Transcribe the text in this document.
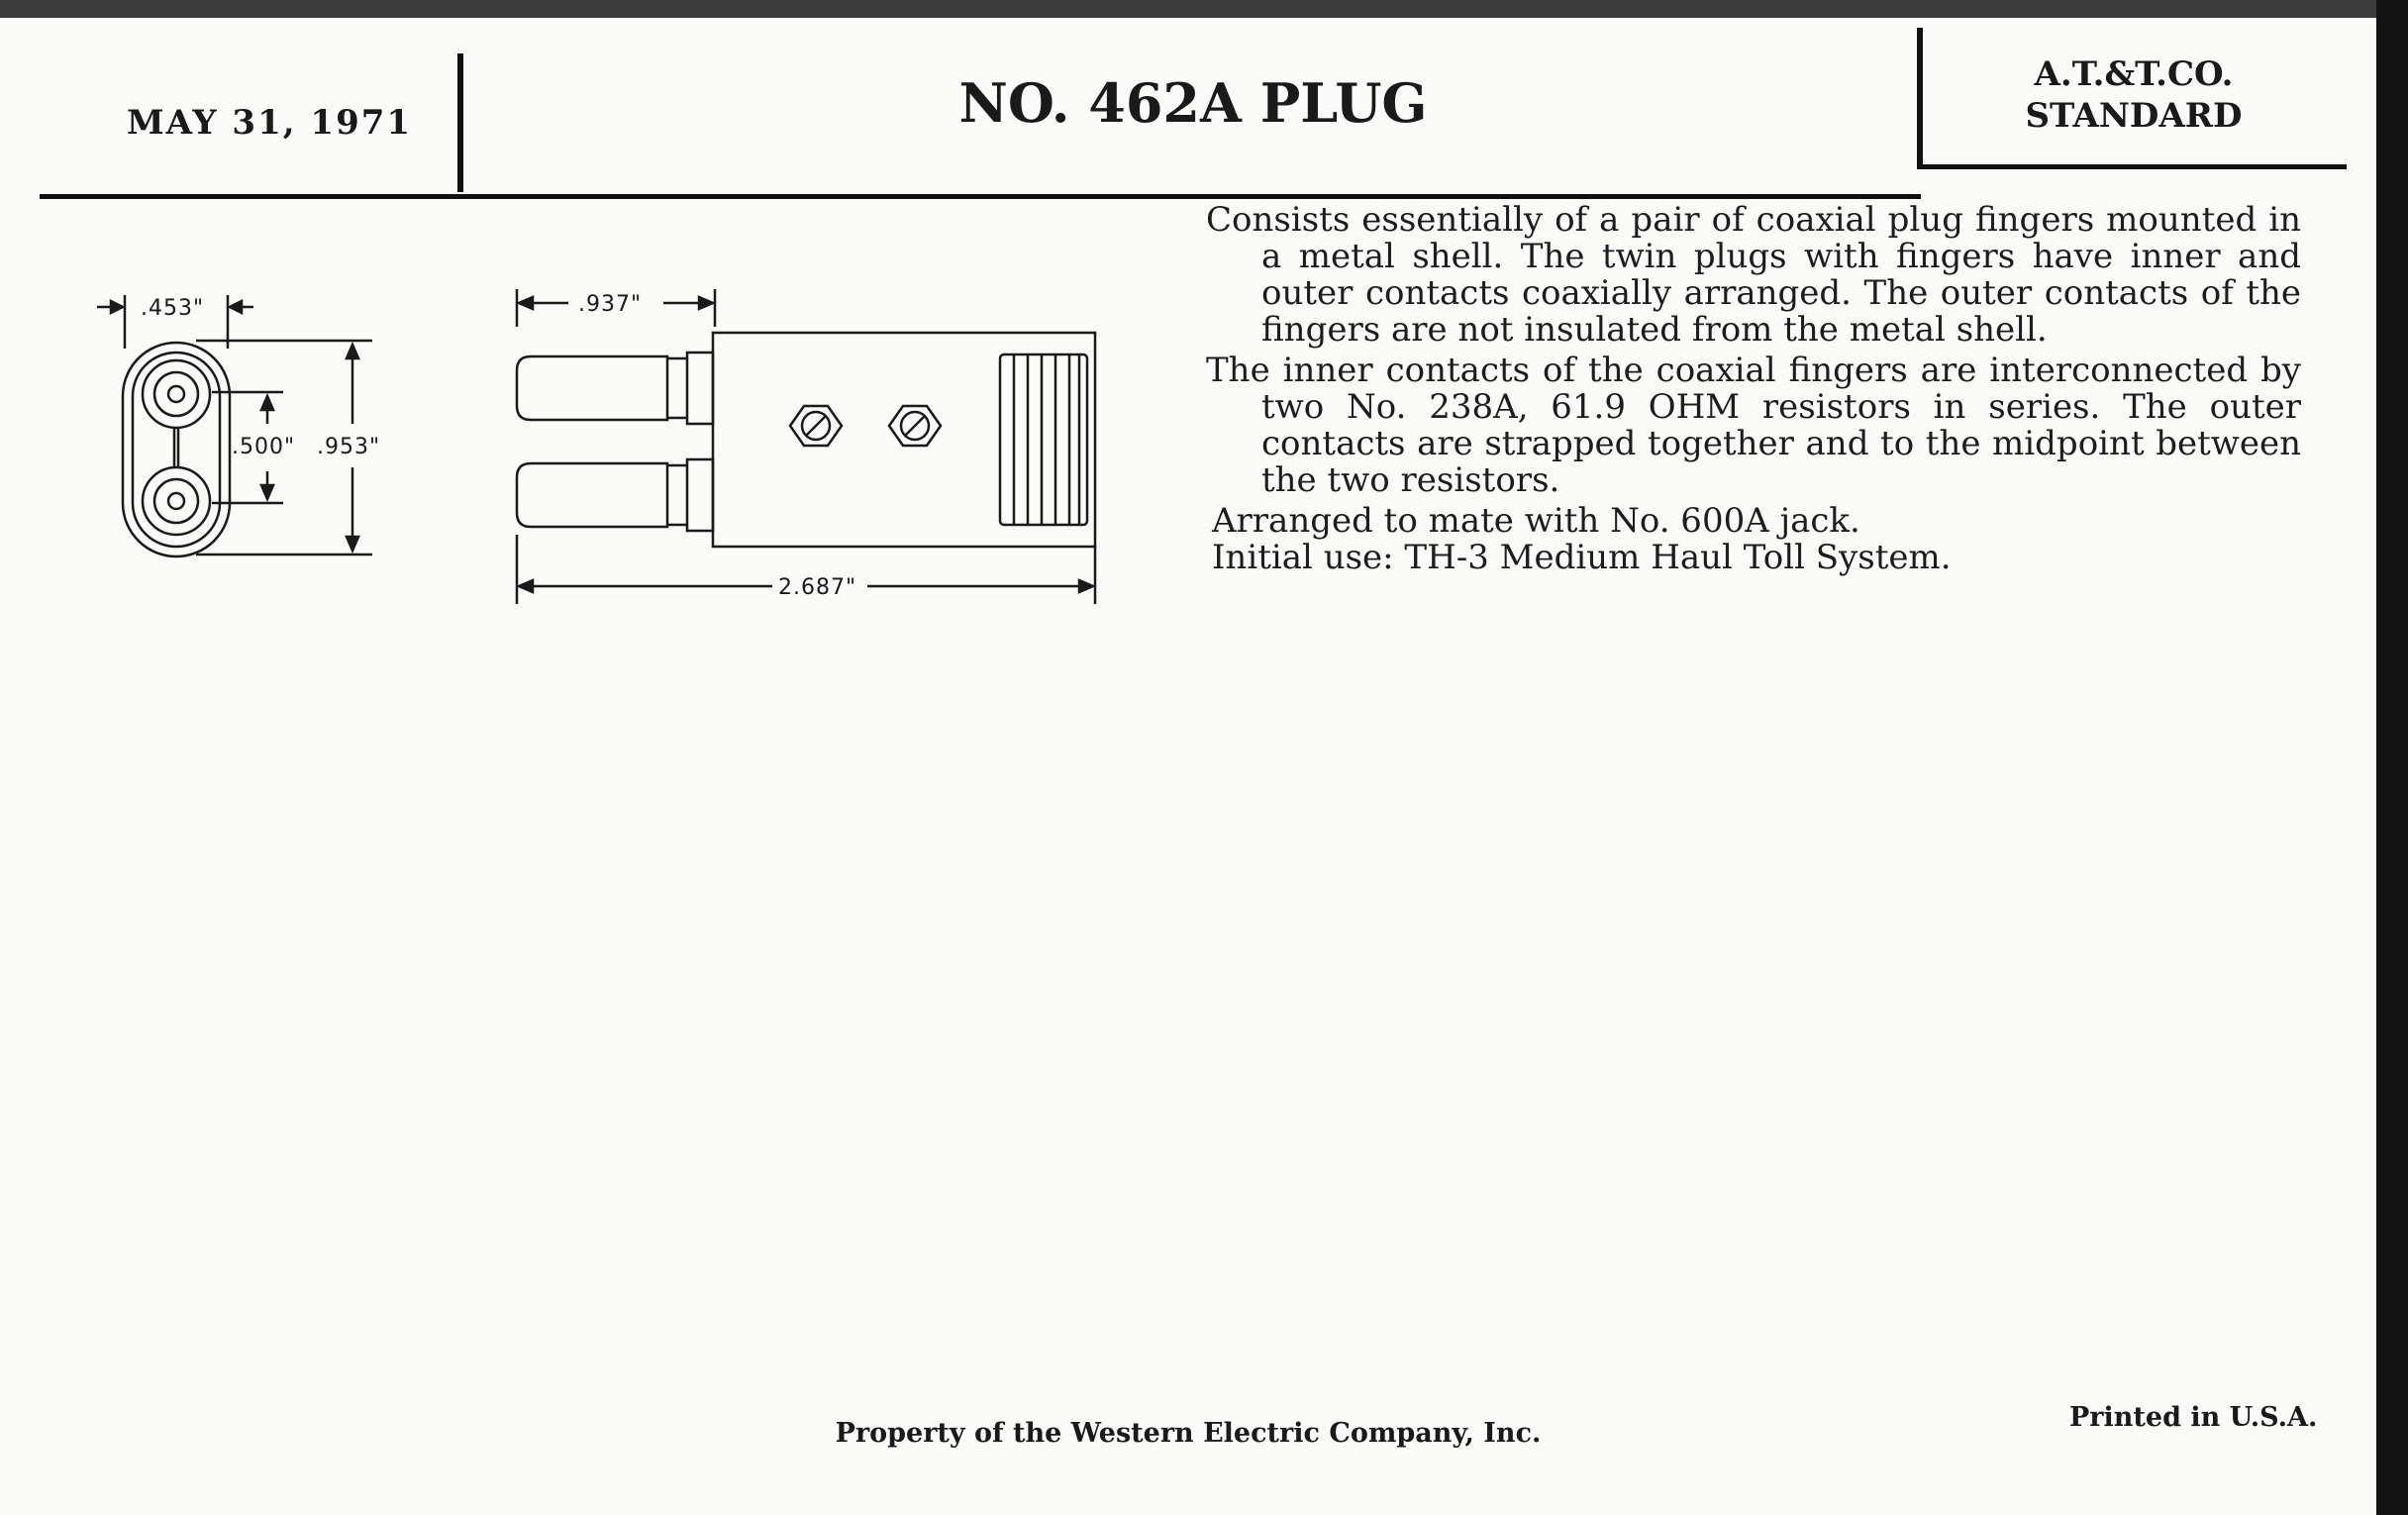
MAY 31, 1971	NO. 462A PLUG	A.T.&T.CO.
STANDARD
.453"
.500" .953"
.937"
2.687"

Consists essentially of a pair of coaxial plug fingers mounted in a metal shell. The twin plugs with fingers have inner and outer contacts coaxially arranged. The outer contacts of the fingers are not insulated from the metal shell.

The inner contacts of the coaxial fingers are interconnected by two No. 238A, 61.9 OHM resistors in series. The outer contacts are strapped together and to the midpoint between the two resistors.

Arranged to mate with No. 600A jack.

Initial use: TH-3 Medium Haul Toll System.

Property of the Western Electric Company, Inc.
Printed in U.S.A.
